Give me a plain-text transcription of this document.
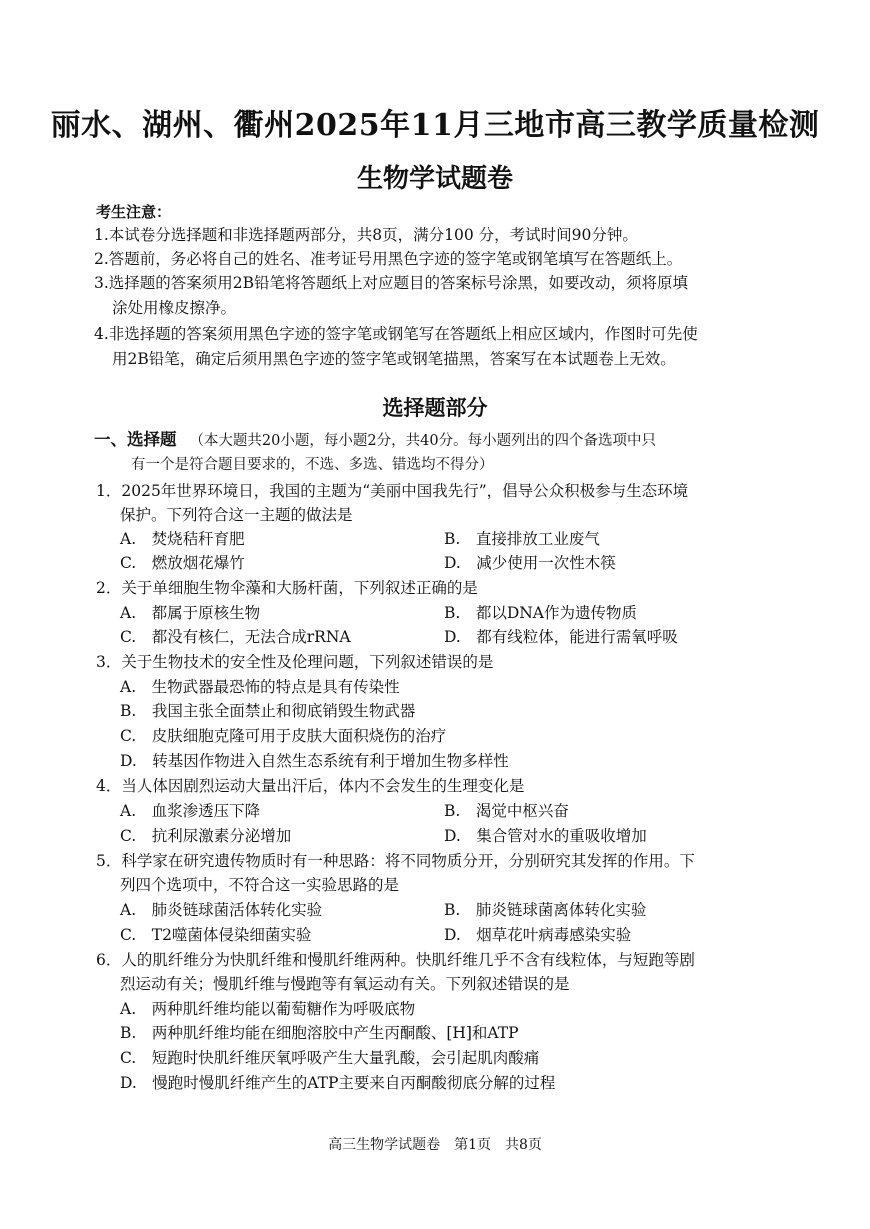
丽水、湖州、衢州2025年11月三地市高三教学质量检测
生物学试题卷
考生注意：
1.本试卷分选择题和非选择题两部分，共8页，满分100 分，考试时间90分钟。
2.答题前，务必将自己的姓名、准考证号用黑色字迹的签字笔或钢笔填写在答题纸上。
3.选择题的答案须用2B铅笔将答题纸上对应题目的答案标号涂黑，如要改动，须将原填
涂处用橡皮擦净。
4.非选择题的答案须用黑色字迹的签字笔或钢笔写在答题纸上相应区域内，作图时可先使
用2B铅笔，确定后须用黑色字迹的签字笔或钢笔描黑，答案写在本试题卷上无效。
选择题部分
一、选择题 （本大题共20小题，每小题2分，共40分。每小题列出的四个备选项中只
有一个是符合题目要求的，不选、多选、错选均不得分）
1．2025年世界环境日，我国的主题为“美丽中国我先行”，倡导公众积极参与生态环境
保护。下列符合这一主题的做法是
A.　焚烧秸秆育肥	B.　直接排放工业废气
C.　燃放烟花爆竹	D.　减少使用一次性木筷
2．关于单细胞生物伞藻和大肠杆菌，下列叙述正确的是
A.　都属于原核生物	B.　都以DNA作为遗传物质
C.　都没有核仁，无法合成rRNA	D.　都有线粒体，能进行需氧呼吸
3．关于生物技术的安全性及伦理问题，下列叙述错误的是
A.　生物武器最恐怖的特点是具有传染性
B.　我国主张全面禁止和彻底销毁生物武器
C.　皮肤细胞克隆可用于皮肤大面积烧伤的治疗
D.　转基因作物进入自然生态系统有利于增加生物多样性
4．当人体因剧烈运动大量出汗后，体内不会发生的生理变化是
A.　血浆渗透压下降	B.　渴觉中枢兴奋
C.　抗利尿激素分泌增加	D.　集合管对水的重吸收增加
5．科学家在研究遗传物质时有一种思路：将不同物质分开，分别研究其发挥的作用。下
列四个选项中，不符合这一实验思路的是
A.　肺炎链球菌活体转化实验	B.　肺炎链球菌离体转化实验
C.　T2噬菌体侵染细菌实验	D.　烟草花叶病毒感染实验
6．人的肌纤维分为快肌纤维和慢肌纤维两种。快肌纤维几乎不含有线粒体，与短跑等剧
烈运动有关；慢肌纤维与慢跑等有氧运动有关。下列叙述错误的是
A.　两种肌纤维均能以葡萄糖作为呼吸底物
B.　两种肌纤维均能在细胞溶胶中产生丙酮酸、[H]和ATP
C.　短跑时快肌纤维厌氧呼吸产生大量乳酸，会引起肌肉酸痛
D.　慢跑时慢肌纤维产生的ATP主要来自丙酮酸彻底分解的过程
高三生物学试题卷　第1页　共8页
